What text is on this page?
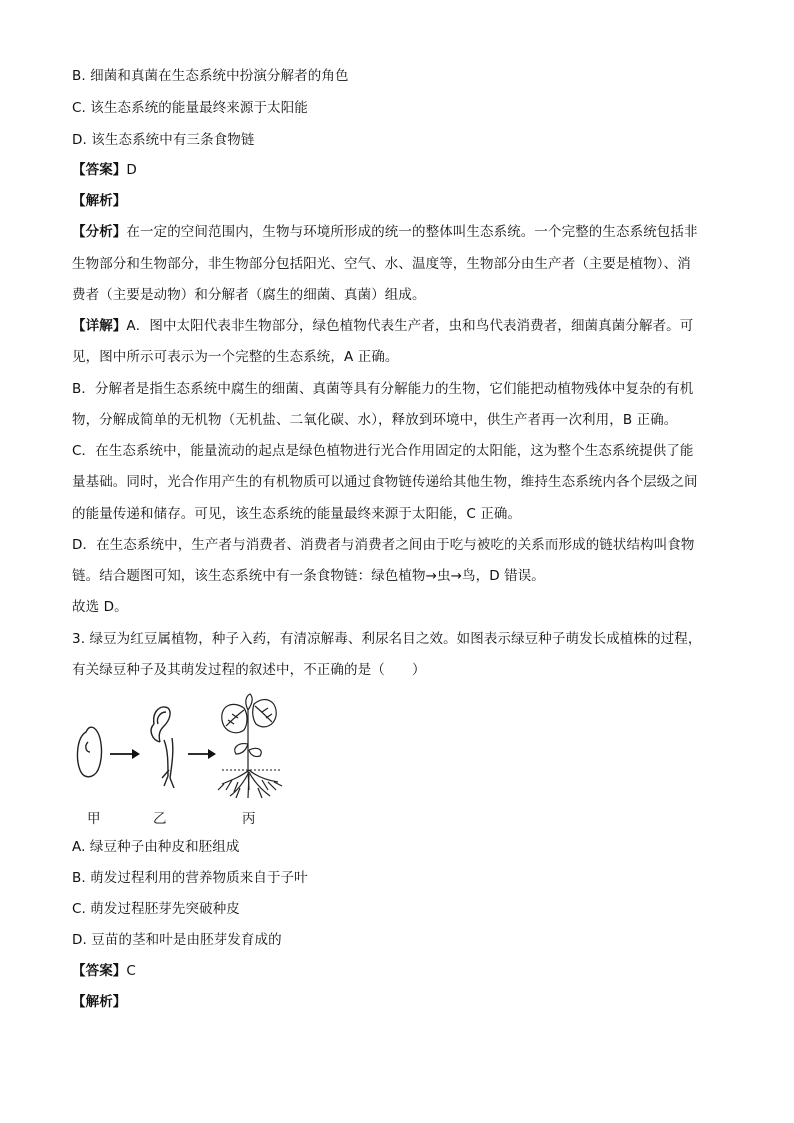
B. 细菌和真菌在生态系统中扮演分解者的角色
C. 该生态系统的能量最终来源于太阳能
D. 该生态系统中有三条食物链
【答案】D
【解析】
【分析】在一定的空间范围内，生物与环境所形成的统一的整体叫生态系统。一个完整的生态系统包括非
生物部分和生物部分，非生物部分包括阳光、空气、水、温度等，生物部分由生产者（主要是植物）、消
费者（主要是动物）和分解者（腐生的细菌、真菌）组成。
【详解】A．图中太阳代表非生物部分，绿色植物代表生产者，虫和鸟代表消费者，细菌真菌分解者。可
见，图中所示可表示为一个完整的生态系统，A 正确。
B．分解者是指生态系统中腐生的细菌、真菌等具有分解能力的生物，它们能把动植物残体中复杂的有机
物，分解成简单的无机物（无机盐、二氧化碳、水），释放到环境中，供生产者再一次利用，B 正确。
C．在生态系统中，能量流动的起点是绿色植物进行光合作用固定的太阳能，这为整个生态系统提供了能
量基础。同时，光合作用产生的有机物质可以通过食物链传递给其他生物，维持生态系统内各个层级之间
的能量传递和储存。可见，该生态系统的能量最终来源于太阳能，C 正确。
D．在生态系统中，生产者与消费者、消费者与消费者之间由于吃与被吃的关系而形成的链状结构叫食物
链。结合题图可知，该生态系统中有一条食物链：绿色植物→虫→鸟，D 错误。
故选 D。
3. 绿豆为红豆属植物，种子入药，有清凉解毒、利尿名目之效。如图表示绿豆种子萌发长成植株的过程，
有关绿豆种子及其萌发过程的叙述中，不正确的是（　　）
甲	乙	丙
A. 绿豆种子由种皮和胚组成
B. 萌发过程利用的营养物质来自于子叶
C. 萌发过程胚芽先突破种皮
D. 豆苗的茎和叶是由胚芽发育成的
【答案】C
【解析】
